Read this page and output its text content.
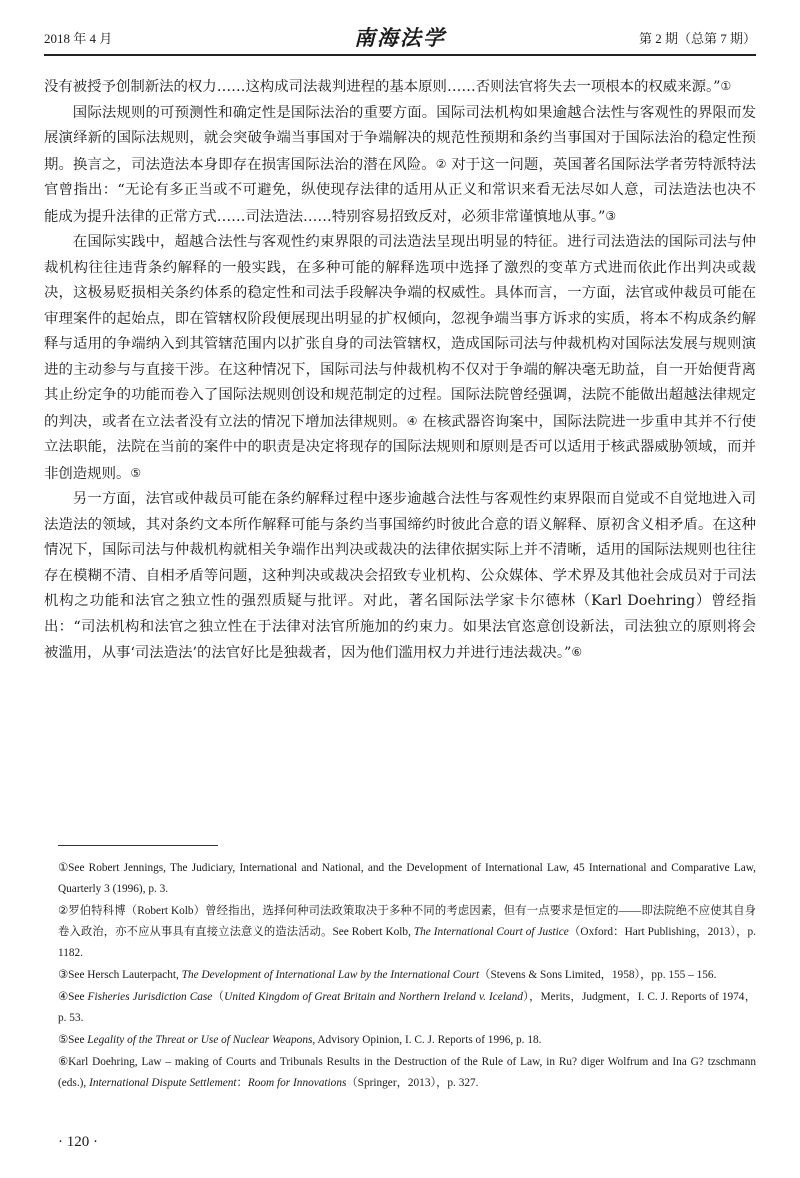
2018 年 4 月	南海法学	第 2 期（总第 7 期）

没有被授予创制新法的权力……这构成司法裁判进程的基本原则……否则法官将失去一项根本的权威来源。”①

国际法规则的可预测性和确定性是国际法治的重要方面。国际司法机构如果逾越合法性与客观性的界限而发展演绎新的国际法规则，就会突破争端当事国对于争端解决的规范性预期和条约当事国对于国际法治的稳定性预期。换言之，司法造法本身即存在损害国际法治的潜在风险。② 对于这一问题，英国著名国际法学者劳特派特法官曾指出：“无论有多正当或不可避免，纵使现存法律的适用从正义和常识来看无法尽如人意，司法造法也决不能成为提升法律的正常方式……司法造法……特别容易招致反对，必须非常谨慎地从事。”③

在国际实践中，超越合法性与客观性约束界限的司法造法呈现出明显的特征。进行司法造法的国际司法与仲裁机构往往违背条约解释的一般实践，在多种可能的解释选项中选择了激烈的变革方式进而依此作出判决或裁决，这极易贬损相关条约体系的稳定性和司法手段解决争端的权威性。具体而言，一方面，法官或仲裁员可能在审理案件的起始点，即在管辖权阶段便展现出明显的扩权倾向，忽视争端当事方诉求的实质，将本不构成条约解释与适用的争端纳入到其管辖范围内以扩张自身的司法管辖权，造成国际司法与仲裁机构对国际法发展与规则演进的主动参与与直接干涉。在这种情况下，国际司法与仲裁机构不仅对于争端的解决毫无助益，自一开始便背离其止纷定争的功能而卷入了国际法规则创设和规范制定的过程。国际法院曾经强调，法院不能做出超越法律规定的判决，或者在立法者没有立法的情况下增加法律规则。④ 在核武器咨询案中，国际法院进一步重申其并不行使立法职能，法院在当前的案件中的职责是决定将现存的国际法规则和原则是否可以适用于核武器威胁领域，而并非创造规则。⑤

另一方面，法官或仲裁员可能在条约解释过程中逐步逾越合法性与客观性约束界限而自觉或不自觉地进入司法造法的领域，其对条约文本所作解释可能与条约当事国缔约时彼此合意的语义解释、原初含义相矛盾。在这种情况下，国际司法与仲裁机构就相关争端作出判决或裁决的法律依据实际上并不清晰，适用的国际法规则也往往存在模糊不清、自相矛盾等问题，这种判决或裁决会招致专业机构、公众媒体、学术界及其他社会成员对于司法机构之功能和法官之独立性的强烈质疑与批评。对此，著名国际法学家卡尔德林（Karl Doehring）曾经指出：“司法机构和法官之独立性在于法律对法官所施加的约束力。如果法官恣意创设新法，司法独立的原则将会被滥用，从事‘司法造法’的法官好比是独裁者，因为他们滥用权力并进行违法裁决。”⑥

①See Robert Jennings, The Judiciary, International and National, and the Development of International Law, 45 International and Comparative Law, Quarterly 3 (1996), p. 3.

②罗伯特科博（Robert Kolb）曾经指出，选择何种司法政策取决于多种不同的考虑因素，但有一点要求是恒定的——即法院绝不应使其自身卷入政治，亦不应从事具有直接立法意义的造法活动。See Robert Kolb, The International Court of Justice（Oxford：Hart Publishing，2013），p. 1182.

③See Hersch Lauterpacht, The Development of International Law by the International Court（Stevens & Sons Limited，1958），pp. 155 – 156.

④See Fisheries Jurisdiction Case（United Kingdom of Great Britain and Northern Ireland v. Iceland），Merits，Judgment，I. C. J. Reports of 1974，p. 53.

⑤See Legality of the Threat or Use of Nuclear Weapons, Advisory Opinion, I. C. J. Reports of 1996, p. 18.

⑥Karl Doehring, Law – making of Courts and Tribunals Results in the Destruction of the Rule of Law, in Ru? diger Wolfrum and Ina G? tzschmann (eds.), International Dispute Settlement：Room for Innovations（Springer，2013），p. 327.

· 120 ·
